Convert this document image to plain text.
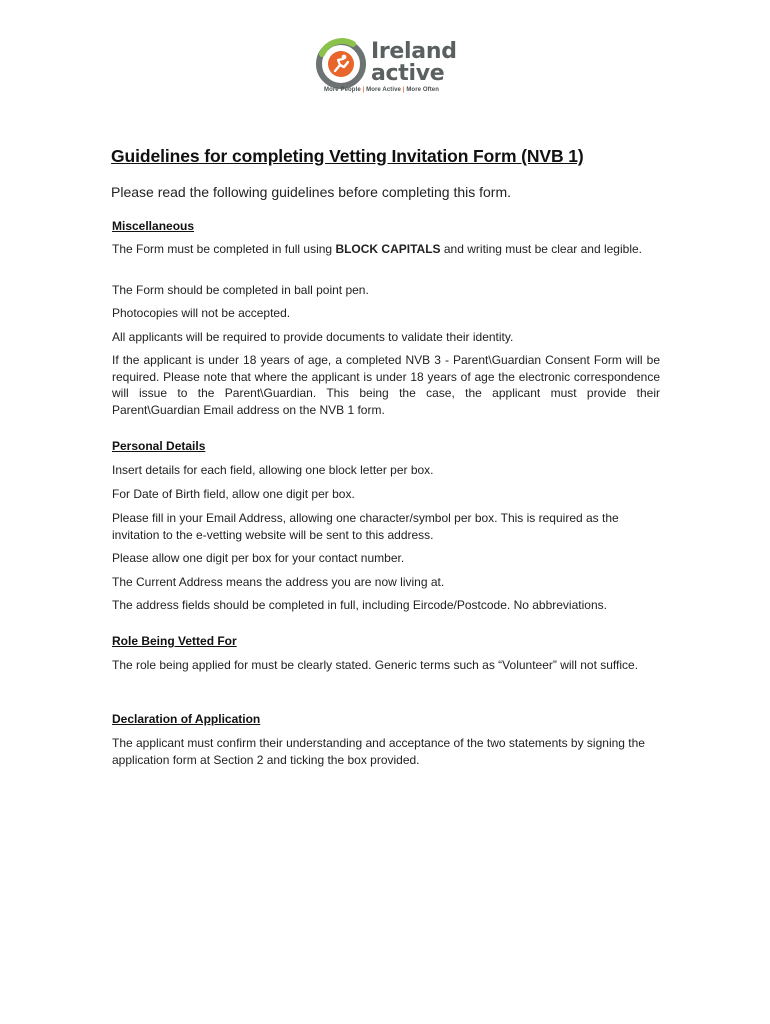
Ireland
active
More People | More Active | More Often
Guidelines for completing Vetting Invitation Form (NVB 1)
Please read the following guidelines before completing this form.
Miscellaneous
The Form must be completed in full using BLOCK CAPITALS and writing must be clear and legible.
The Form should be completed in ball point pen.
Photocopies will not be accepted.
All applicants will be required to provide documents to validate their identity.
If the applicant is under 18 years of age, a completed NVB 3 - Parent\Guardian Consent Form will be required. Please note that where the applicant is under 18 years of age the electronic correspondence will issue to the Parent\Guardian. This being the case, the applicant must provide their Parent\Guardian Email address on the NVB 1 form.
Personal Details
Insert details for each field, allowing one block letter per box.
For Date of Birth field, allow one digit per box.
Please fill in your Email Address, allowing one character/symbol per box. This is required as the invitation to the e-vetting website will be sent to this address.
Please allow one digit per box for your contact number.
The Current Address means the address you are now living at.
The address fields should be completed in full, including Eircode/Postcode. No abbreviations.
Role Being Vetted For
The role being applied for must be clearly stated. Generic terms such as “Volunteer” will not suffice.
Declaration of Application
The applicant must confirm their understanding and acceptance of the two statements by signing the application form at Section 2 and ticking the box provided.
